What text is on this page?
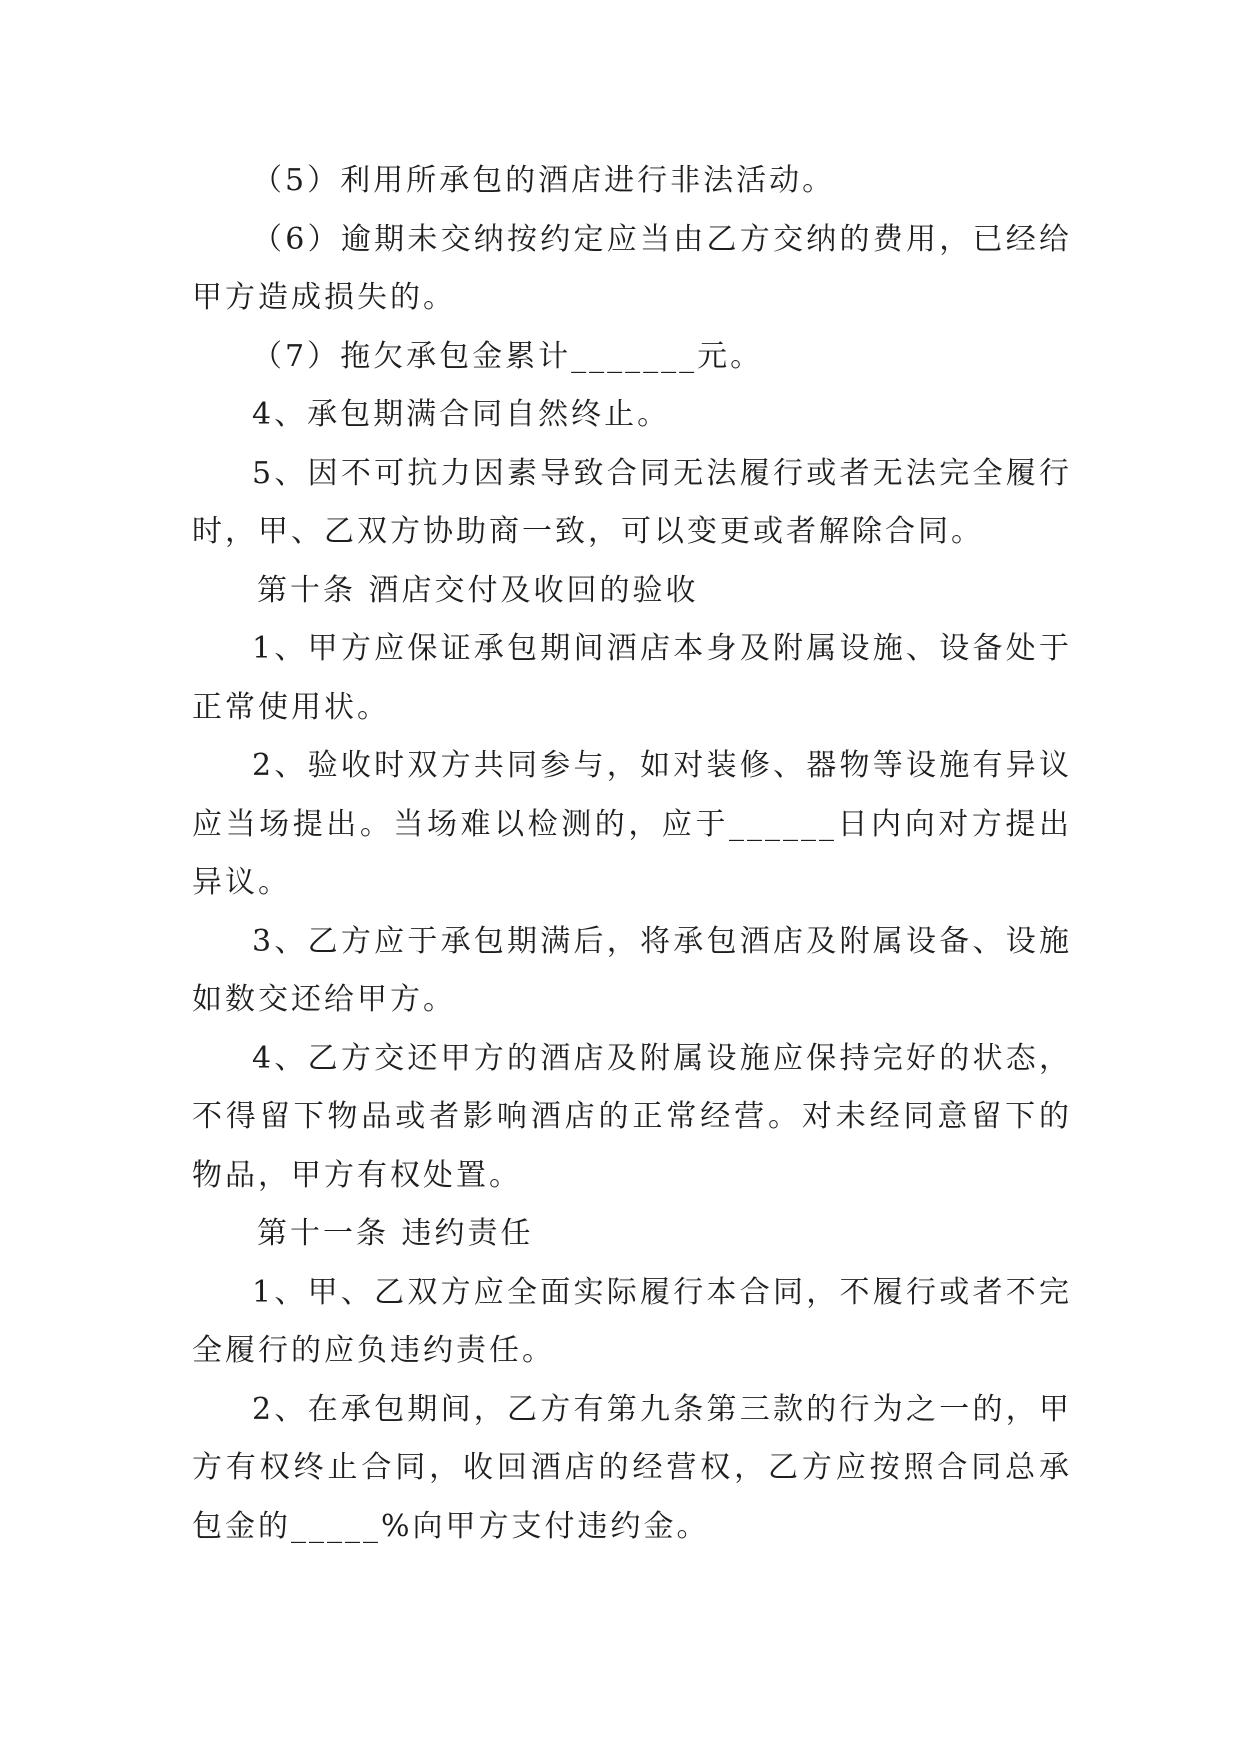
（5）利用所承包的酒店进行非法活动。

（6）逾期未交纳按约定应当由乙方交纳的费用，已经给甲方造成损失的。

（7）拖欠承包金累计_______元。

4、承包期满合同自然终止。

5、因不可抗力因素导致合同无法履行或者无法完全履行时，甲、乙双方协助商一致，可以变更或者解除合同。

第十条 酒店交付及收回的验收

1、甲方应保证承包期间酒店本身及附属设施、设备处于正常使用状。

2、验收时双方共同参与，如对装修、器物等设施有异议应当场提出。当场难以检测的，应于______日内向对方提出异议。

3、乙方应于承包期满后，将承包酒店及附属设备、设施如数交还给甲方。

4、乙方交还甲方的酒店及附属设施应保持完好的状态，不得留下物品或者影响酒店的正常经营。对未经同意留下的物品，甲方有权处置。

第十一条 违约责任

1、甲、乙双方应全面实际履行本合同，不履行或者不完全履行的应负违约责任。

2、在承包期间，乙方有第九条第三款的行为之一的，甲方有权终止合同，收回酒店的经营权，乙方应按照合同总承包金的_____%向甲方支付违约金。
